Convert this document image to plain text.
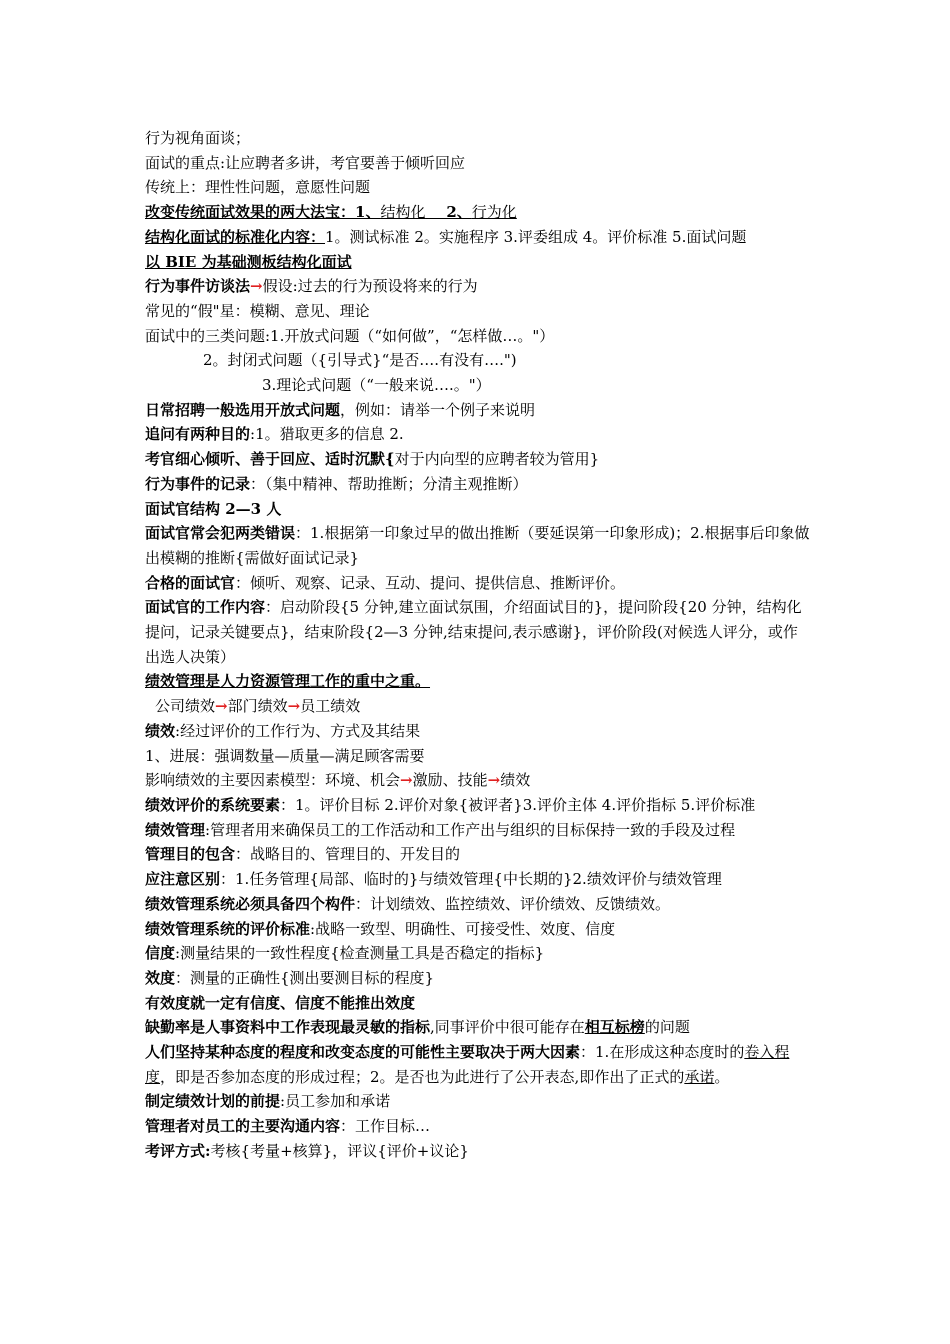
行为视角面谈；
面试的重点:让应聘者多讲，考官要善于倾听回应
传统上：理性性问题，意愿性问题
改变传统面试效果的两大法宝：1、结构化    2、行为化
结构化面试的标准化内容：1。测试标准 2。实施程序 3.评委组成 4。评价标准 5.面试问题
以 BIE 为基础测板结构化面试
行为事件访谈法→假设:过去的行为预设将来的行为
常见的“假"星：模糊、意见、理论
面试中的三类问题:1.开放式问题（“如何做”，“怎样做…。"）
2。封闭式问题（{引导式}“是否….有没有….")
3.理论式问题（“一般来说….。"）
日常招聘一般选用开放式问题，例如：请举一个例子来说明
追问有两种目的:1。猎取更多的信息 2.
考官细心倾听、善于回应、适时沉默{对于内向型的应聘者较为管用}
行为事件的记录：（集中精神、帮助推断；分清主观推断）
面试官结构 2—3 人
面试官常会犯两类错误：1.根据第一印象过早的做出推断（要延误第一印象形成)；2.根据事后印象做出模糊的推断{需做好面试记录}
合格的面试官：倾听、观察、记录、互动、提问、提供信息、推断评价。
面试官的工作内容：启动阶段{5 分钟,建立面试氛围，介绍面试目的}，提问阶段{20 分钟，结构化提问，记录关键要点}，结束阶段{2—3 分钟,结束提问,表示感谢}，评价阶段(对候选人评分，或作出选人决策）
绩效管理是人力资源管理工作的重中之重。
公司绩效→部门绩效→员工绩效
绩效:经过评价的工作行为、方式及其结果
1、进展：强调数量—质量—满足顾客需要
影响绩效的主要因素模型：环境、机会→激励、技能→绩效
绩效评价的系统要素：1。评价目标 2.评价对象{被评者}3.评价主体 4.评价指标 5.评价标准
绩效管理:管理者用来确保员工的工作活动和工作产出与组织的目标保持一致的手段及过程
管理目的包含：战略目的、管理目的、开发目的
应注意区别：1.任务管理{局部、临时的}与绩效管理{中长期的}2.绩效评价与绩效管理
绩效管理系统必须具备四个构件：计划绩效、监控绩效、评价绩效、反馈绩效。
绩效管理系统的评价标准:战略一致型、明确性、可接受性、效度、信度
信度:测量结果的一致性程度{检查测量工具是否稳定的指标}
效度：测量的正确性{测出要测目标的程度}
有效度就一定有信度、信度不能推出效度
缺勤率是人事资料中工作表现最灵敏的指标,同事评价中很可能存在相互标榜的问题
人们坚持某种态度的程度和改变态度的可能性主要取决于两大因素：1.在形成这种态度时的卷入程度，即是否参加态度的形成过程；2。是否也为此进行了公开表态,即作出了正式的承诺。
制定绩效计划的前提:员工参加和承诺
管理者对员工的主要沟通内容：工作目标…
考评方式:考核{考量+核算}，评议{评价+议论}
